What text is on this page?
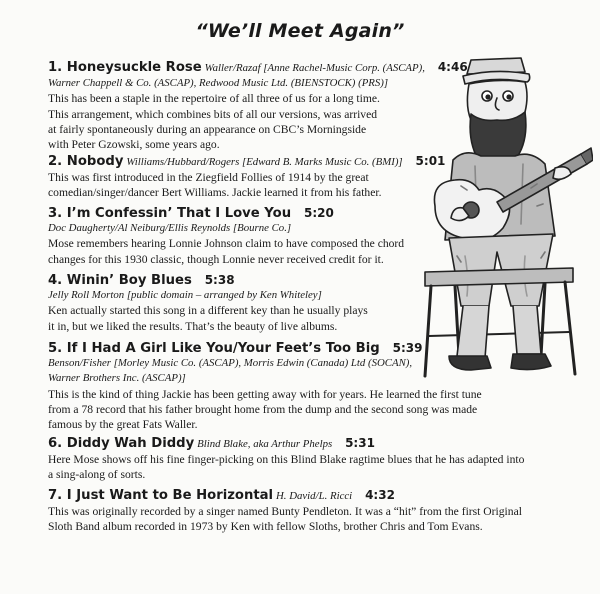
“We’ll Meet Again”
1. Honeysuckle Rose Waller/Razaf [Anne Rachel-Music Corp. (ASCAP), 4:46
Warner Chappell & Co. (ASCAP), Redwood Music Ltd. (BIENSTOCK) (PRS)]
This has been a staple in the repertoire of all three of us for a long time.
This arrangement, which combines bits of all our versions, was arrived
at fairly spontaneously during an appearance on CBC’s Morningside
with Peter Gzowski, some years ago.
2. Nobody Williams/Hubbard/Rogers [Edward B. Marks Music Co. (BMI)] 5:01
This was first introduced in the Ziegfield Follies of 1914 by the great
comedian/singer/dancer Bert Williams. Jackie learned it from his father.
3. I’m Confessin’ That I Love You 5:20
Doc Daugherty/Al Neiburg/Ellis Reynolds [Bourne Co.]
Mose remembers hearing Lonnie Johnson claim to have composed the chord
changes for this 1930 classic, though Lonnie never received credit for it.
4. Winin’ Boy Blues 5:38
Jelly Roll Morton [public domain – arranged by Ken Whiteley]
Ken actually started this song in a different key than he usually plays
it in, but we liked the results. That’s the beauty of live albums.
5. If I Had A Girl Like You/Your Feet’s Too Big 5:39
Benson/Fisher [Morley Music Co. (ASCAP), Morris Edwin (Canada) Ltd (SOCAN),
Warner Brothers Inc. (ASCAP)]
This is the kind of thing Jackie has been getting away with for years. He learned the first tune
from a 78 record that his father brought home from the dump and the second song was made
famous by the great Fats Waller.
6. Diddy Wah Diddy Blind Blake, aka Arthur Phelps 5:31
Here Mose shows off his fine finger-picking on this Blind Blake ragtime blues that he has adapted into
a sing-along of sorts.
7. I Just Want to Be Horizontal H. David/L. Ricci 4:32
This was originally recorded by a singer named Bunty Pendleton. It was a “hit” from the first Original
Sloth Band album recorded in 1973 by Ken with fellow Sloths, brother Chris and Tom Evans.
